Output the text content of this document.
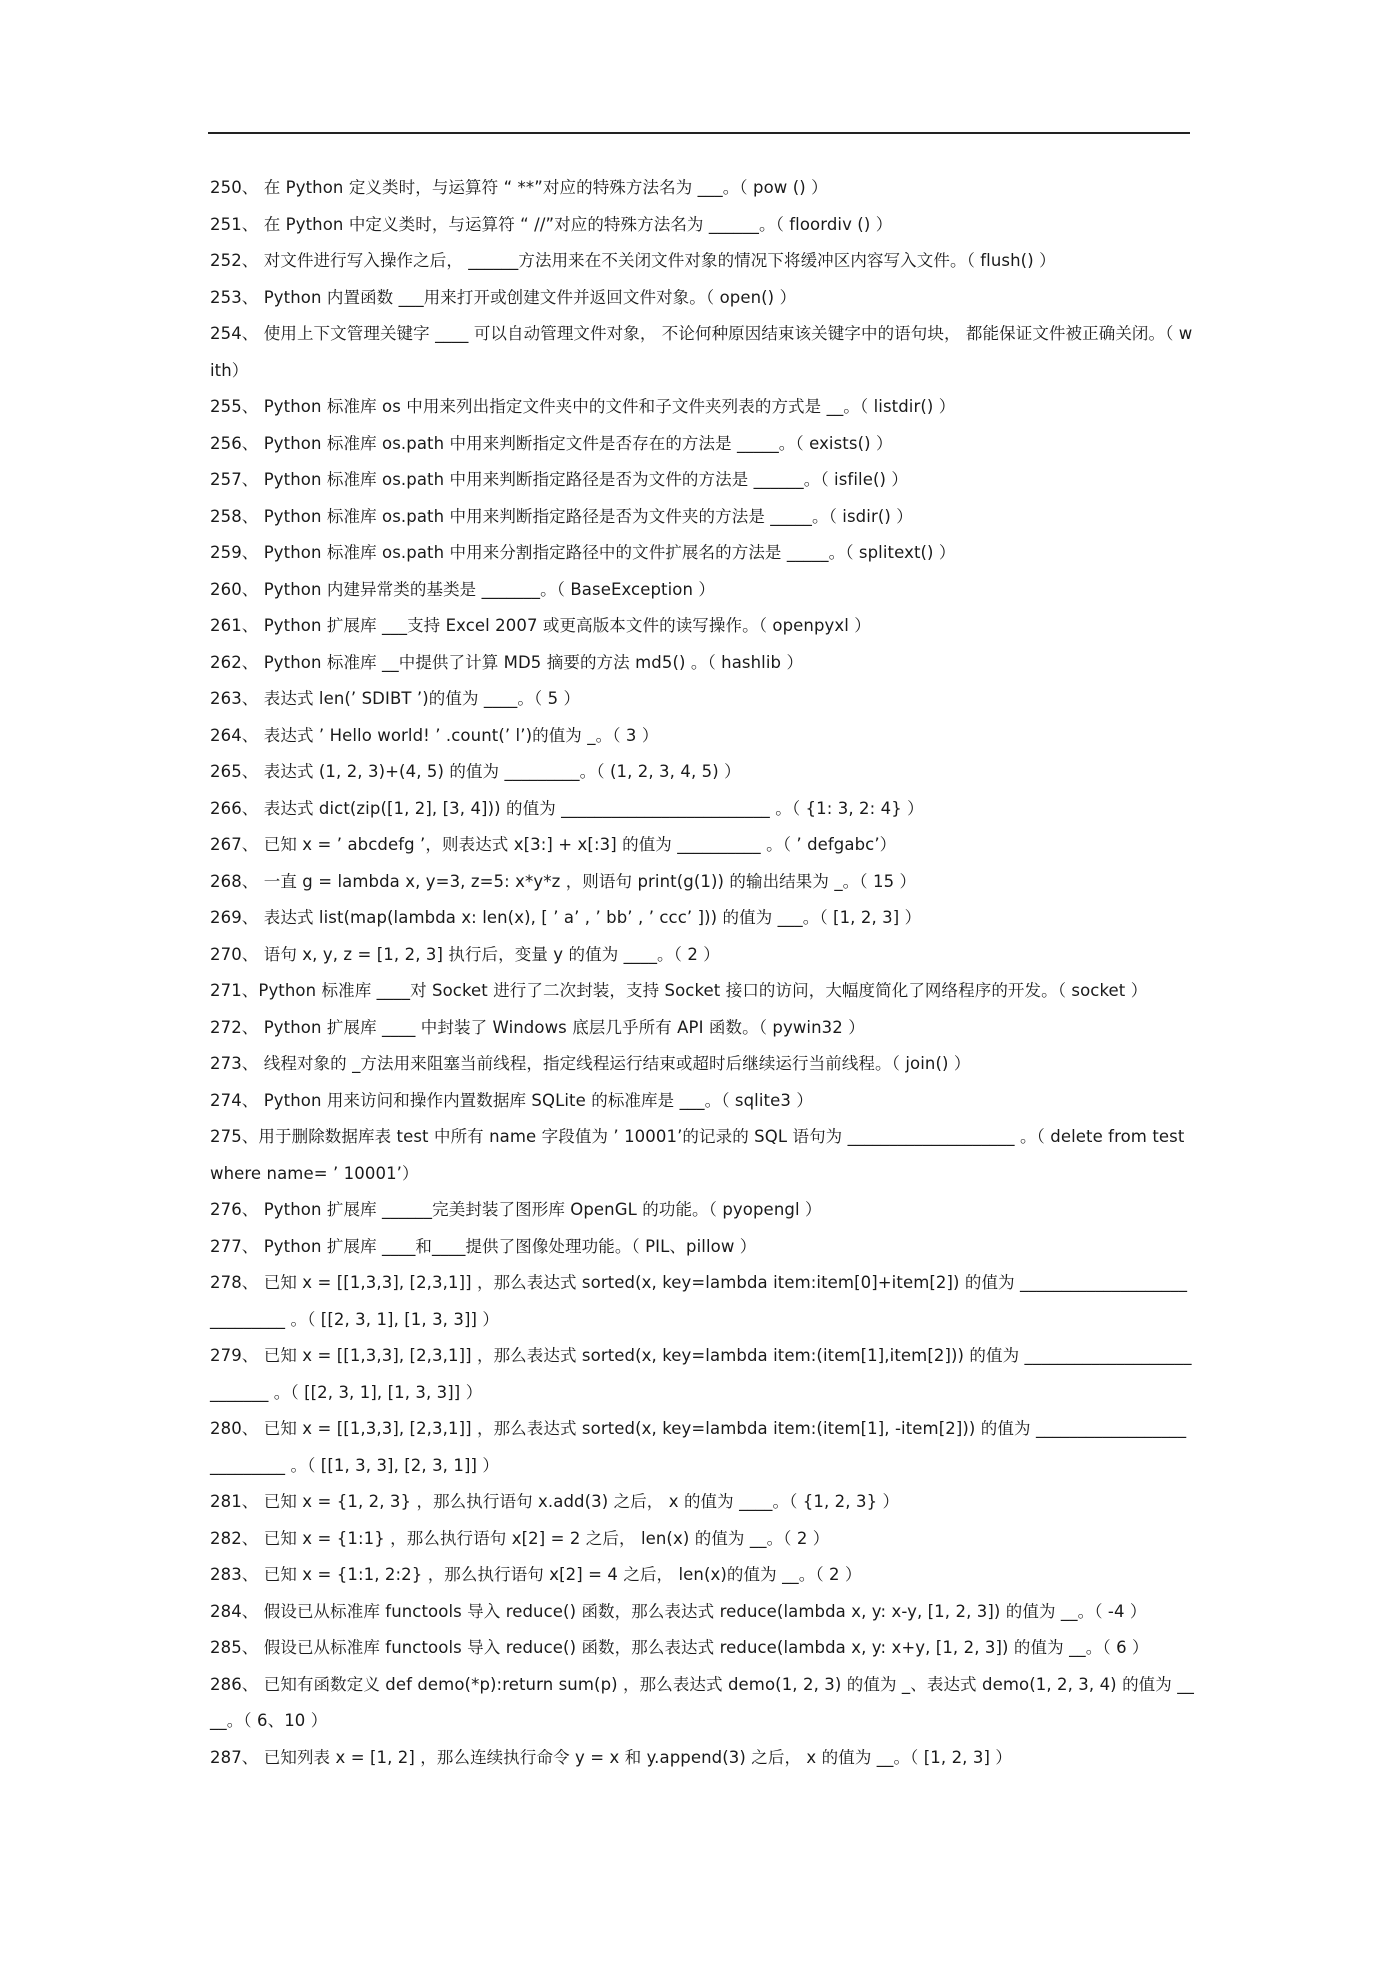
250、 在 Python 定义类时，与运算符 “ **”对应的特殊方法名为 ___。（ pow () ）
251、 在 Python 中定义类时，与运算符 “ //”对应的特殊方法名为 ______。（ floordiv () ）
252、 对文件进行写入操作之后， ______方法用来在不关闭文件对象的情况下将缓冲区内容写入文件。（ flush() ）
253、 Python 内置函数 ___用来打开或创建文件并返回文件对象。（ open() ）
254、 使用上下文管理关键字 ____ 可以自动管理文件对象， 不论何种原因结束该关键字中的语句块， 都能保证文件被正确关闭。（ with）
255、 Python 标准库 os 中用来列出指定文件夹中的文件和子文件夹列表的方式是 __。（ listdir() ）
256、 Python 标准库 os.path 中用来判断指定文件是否存在的方法是 _____。（ exists() ）
257、 Python 标准库 os.path 中用来判断指定路径是否为文件的方法是 ______。（ isfile() ）
258、 Python 标准库 os.path 中用来判断指定路径是否为文件夹的方法是 _____。（ isdir() ）
259、 Python 标准库 os.path 中用来分割指定路径中的文件扩展名的方法是 _____。（ splitext() ）
260、 Python 内建异常类的基类是 _______。（ BaseException ）
261、 Python 扩展库 ___支持 Excel 2007 或更高版本文件的读写操作。（ openpyxl ）
262、 Python 标准库 __中提供了计算 MD5 摘要的方法 md5() 。（ hashlib ）
263、 表达式 len(’ SDIBT ’)的值为 ____。（ 5 ）
264、 表达式 ’ Hello world! ’ .count(’ l’)的值为 _。（ 3 ）
265、 表达式 (1, 2, 3)+(4, 5) 的值为 _________。（ (1, 2, 3, 4, 5) ）
266、 表达式 dict(zip([1, 2], [3, 4])) 的值为 _________________________ 。（ {1: 3, 2: 4} ）
267、 已知 x = ’ abcdefg ’，则表达式 x[3:] + x[:3] 的值为 __________ 。（ ’ defgabc’）
268、 一直 g = lambda x, y=3, z=5: x*y*z ，则语句 print(g(1)) 的输出结果为 _。（ 15 ）
269、 表达式 list(map(lambda x: len(x), [ ’ a’ , ’ bb’ , ’ ccc’ ])) 的值为 ___。（ [1, 2, 3] ）
270、 语句 x, y, z = [1, 2, 3] 执行后，变量 y 的值为 ____。（ 2 ）
271、Python 标准库 ____对 Socket 进行了二次封装，支持 Socket 接口的访问，大幅度简化了网络程序的开发。（ socket ）
272、 Python 扩展库 ____ 中封装了 Windows 底层几乎所有 API 函数。（ pywin32 ）
273、 线程对象的 _方法用来阻塞当前线程，指定线程运行结束或超时后继续运行当前线程。（ join() ）
274、 Python 用来访问和操作内置数据库 SQLite 的标准库是 ___。（ sqlite3 ）
275、用于删除数据库表 test 中所有 name 字段值为 ’ 10001’的记录的 SQL 语句为 ____________________ 。（ delete from test where name= ’ 10001’）
276、 Python 扩展库 ______完美封装了图形库 OpenGL 的功能。（ pyopengl ）
277、 Python 扩展库 ____和____提供了图像处理功能。（ PIL、pillow ）
278、 已知 x = [[1,3,3], [2,3,1]] ，那么表达式 sorted(x, key=lambda item:item[0]+item[2]) 的值为 _____________________________ 。（ [[2, 3, 1], [1, 3, 3]] ）
279、 已知 x = [[1,3,3], [2,3,1]] ，那么表达式 sorted(x, key=lambda item:(item[1],item[2])) 的值为 ___________________________ 。（ [[2, 3, 1], [1, 3, 3]] ）
280、 已知 x = [[1,3,3], [2,3,1]] ，那么表达式 sorted(x, key=lambda item:(item[1], -item[2])) 的值为 ___________________________ 。（ [[1, 3, 3], [2, 3, 1]] ）
281、 已知 x = {1, 2, 3} ，那么执行语句 x.add(3) 之后， x 的值为 ____。（ {1, 2, 3} ）
282、 已知 x = {1:1} ，那么执行语句 x[2] = 2 之后， len(x) 的值为 __。（ 2 ）
283、 已知 x = {1:1, 2:2} ，那么执行语句 x[2] = 4 之后， len(x)的值为 __。（ 2 ）
284、 假设已从标准库 functools 导入 reduce() 函数，那么表达式 reduce(lambda x, y: x-y, [1, 2, 3]) 的值为 __。（ -4 ）
285、 假设已从标准库 functools 导入 reduce() 函数，那么表达式 reduce(lambda x, y: x+y, [1, 2, 3]) 的值为 __。（ 6 ）
286、 已知有函数定义 def demo(*p):return sum(p) ，那么表达式 demo(1, 2, 3) 的值为 _、表达式 demo(1, 2, 3, 4) 的值为 ____。（ 6、10 ）
287、 已知列表 x = [1, 2] ，那么连续执行命令 y = x 和 y.append(3) 之后， x 的值为 __。（ [1, 2, 3] ）
